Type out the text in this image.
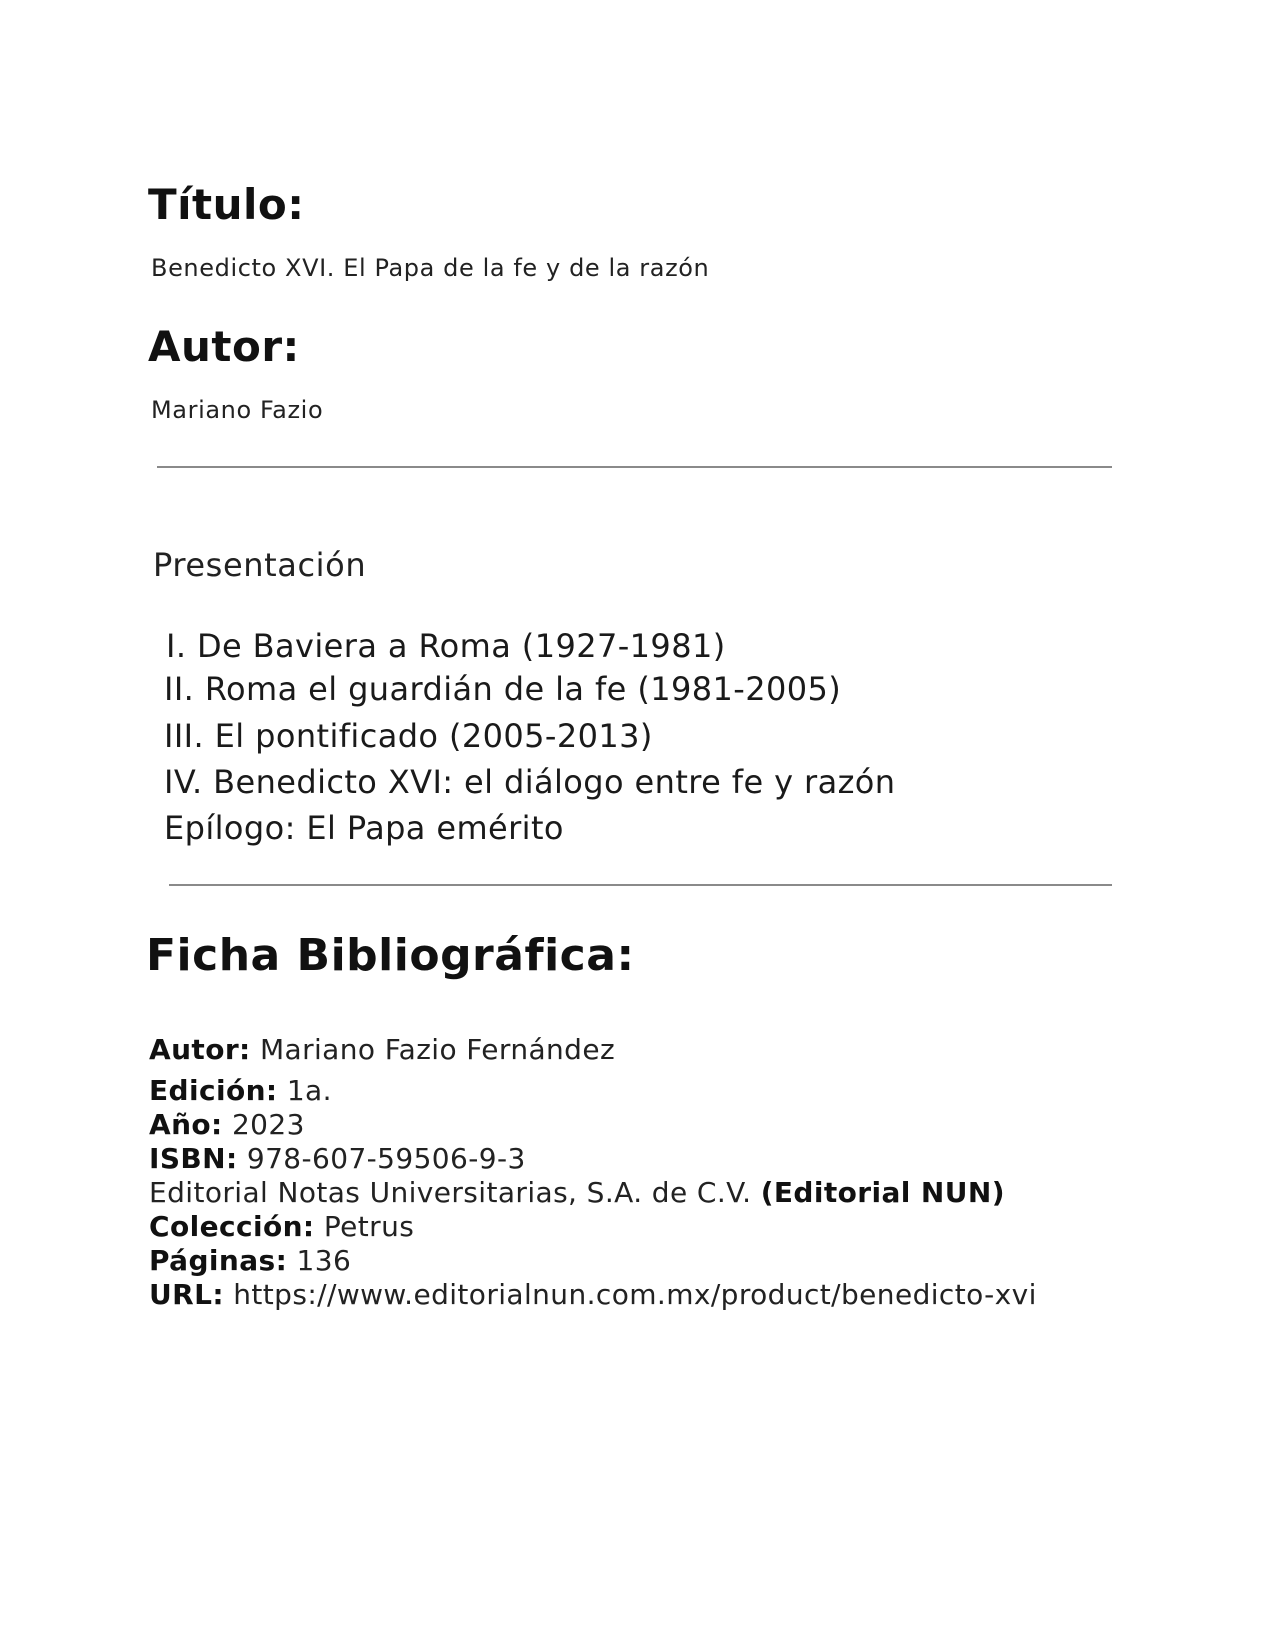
Título:
Benedicto XVI. El Papa de la fe y de la razón
Autor:
Mariano Fazio
Presentación
I. De Baviera a Roma (1927-1981)
II. Roma el guardián de la fe (1981-2005)
III. El pontificado (2005-2013)
IV. Benedicto XVI: el diálogo entre fe y razón
Epílogo: El Papa emérito
Ficha Bibliográfica:
Autor: Mariano Fazio Fernández
Edición: 1a.
Año: 2023
ISBN: 978-607-59506-9-3
Editorial Notas Universitarias, S.A. de C.V. (Editorial NUN)
Colección: Petrus
Páginas: 136
URL: https://www.editorialnun.com.mx/product/benedicto-xvi
